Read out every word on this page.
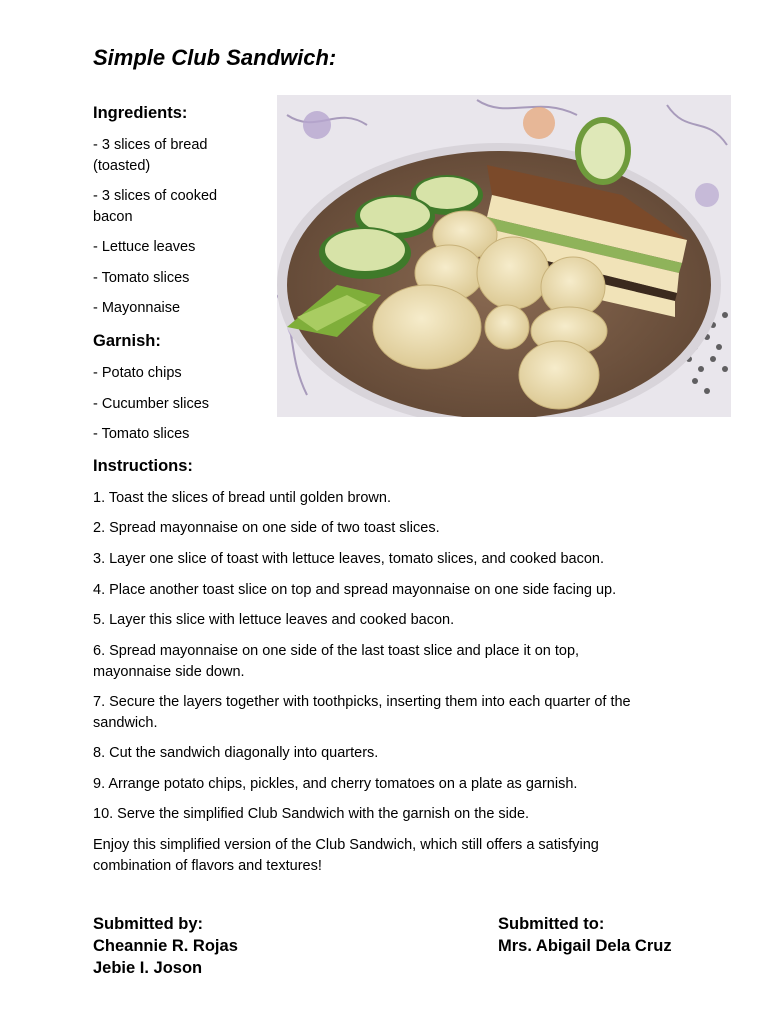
Simple Club Sandwich:

Ingredients:

- 3 slices of bread (toasted)

- 3 slices of cooked bacon

- Lettuce leaves

- Tomato slices

- Mayonnaise

Garnish:

- Potato chips

- Cucumber slices

- Tomato slices

Instructions:

1. Toast the slices of bread until golden brown.

2. Spread mayonnaise on one side of two toast slices.

3. Layer one slice of toast with lettuce leaves, tomato slices, and cooked bacon.

4. Place another toast slice on top and spread mayonnaise on one side facing up.

5. Layer this slice with lettuce leaves and cooked bacon.

6. Spread mayonnaise on one side of the last toast slice and place it on top, mayonnaise side down.

7. Secure the layers together with toothpicks, inserting them into each quarter of the sandwich.

8. Cut the sandwich diagonally into quarters.

9. Arrange potato chips, pickles, and cherry tomatoes on a plate as garnish.

10. Serve the simplified Club Sandwich with the garnish on the side.

Enjoy this simplified version of the Club Sandwich, which still offers a satisfying combination of flavors and textures!

Submitted by:
Cheannie R. Rojas
Jebie I. Joson
Submitted to:
Mrs. Abigail Dela Cruz
